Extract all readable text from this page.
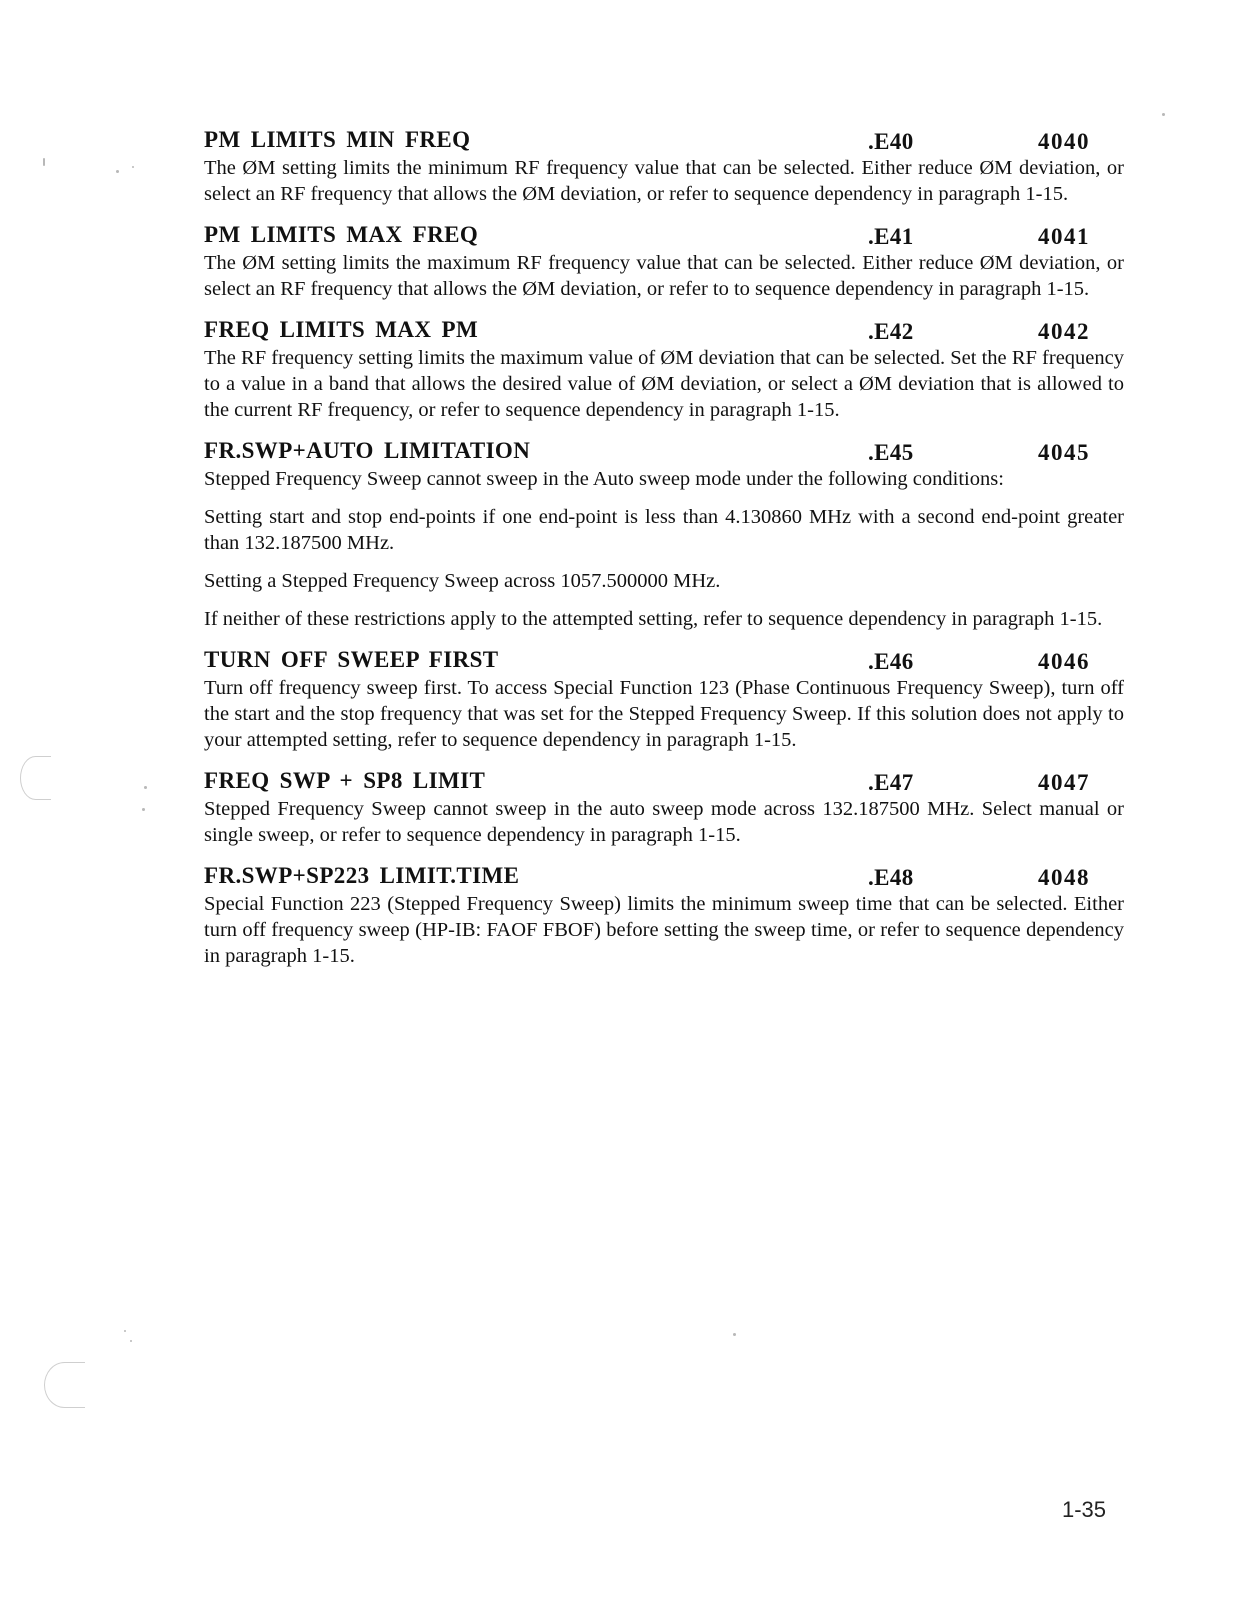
PM LIMITS MIN FREQ	.E40	4040

The ØM setting limits the minimum RF frequency value that can be selected. Either reduce ØM deviation, or select an RF frequency that allows the ØM deviation, or refer to sequence dependency in paragraph 1-15.

PM LIMITS MAX FREQ	.E41	4041

The ØM setting limits the maximum RF frequency value that can be selected. Either reduce ØM deviation, or select an RF frequency that allows the ØM deviation, or refer to to sequence dependency in paragraph 1-15.

FREQ LIMITS MAX PM	.E42	4042

The RF frequency setting limits the maximum value of ØM deviation that can be selected. Set the RF frequency to a value in a band that allows the desired value of ØM deviation, or select a ØM deviation that is allowed to the current RF frequency, or refer to sequence dependency in paragraph 1-15.

FR.SWP+AUTO LIMITATION	.E45	4045

Stepped Frequency Sweep cannot sweep in the Auto sweep mode under the following conditions:

Setting start and stop end-points if one end-point is less than 4.130860 MHz with a second end-point greater than 132.187500 MHz.

Setting a Stepped Frequency Sweep across 1057.500000 MHz.

If neither of these restrictions apply to the attempted setting, refer to sequence dependency in paragraph 1-15.

TURN OFF SWEEP FIRST	.E46	4046

Turn off frequency sweep first. To access Special Function 123 (Phase Continuous Frequency Sweep), turn off the start and the stop frequency that was set for the Stepped Frequency Sweep. If this solution does not apply to your attempted setting, refer to sequence dependency in paragraph 1-15.

FREQ SWP + SP8 LIMIT	.E47	4047

Stepped Frequency Sweep cannot sweep in the auto sweep mode across 132.187500 MHz. Select manual or single sweep, or refer to sequence dependency in paragraph 1-15.

FR.SWP+SP223 LIMIT.TIME	.E48	4048

Special Function 223 (Stepped Frequency Sweep) limits the minimum sweep time that can be selected. Either turn off frequency sweep (HP-IB: FAOF FBOF) before setting the sweep time, or refer to sequence dependency in paragraph 1-15.

1-35
